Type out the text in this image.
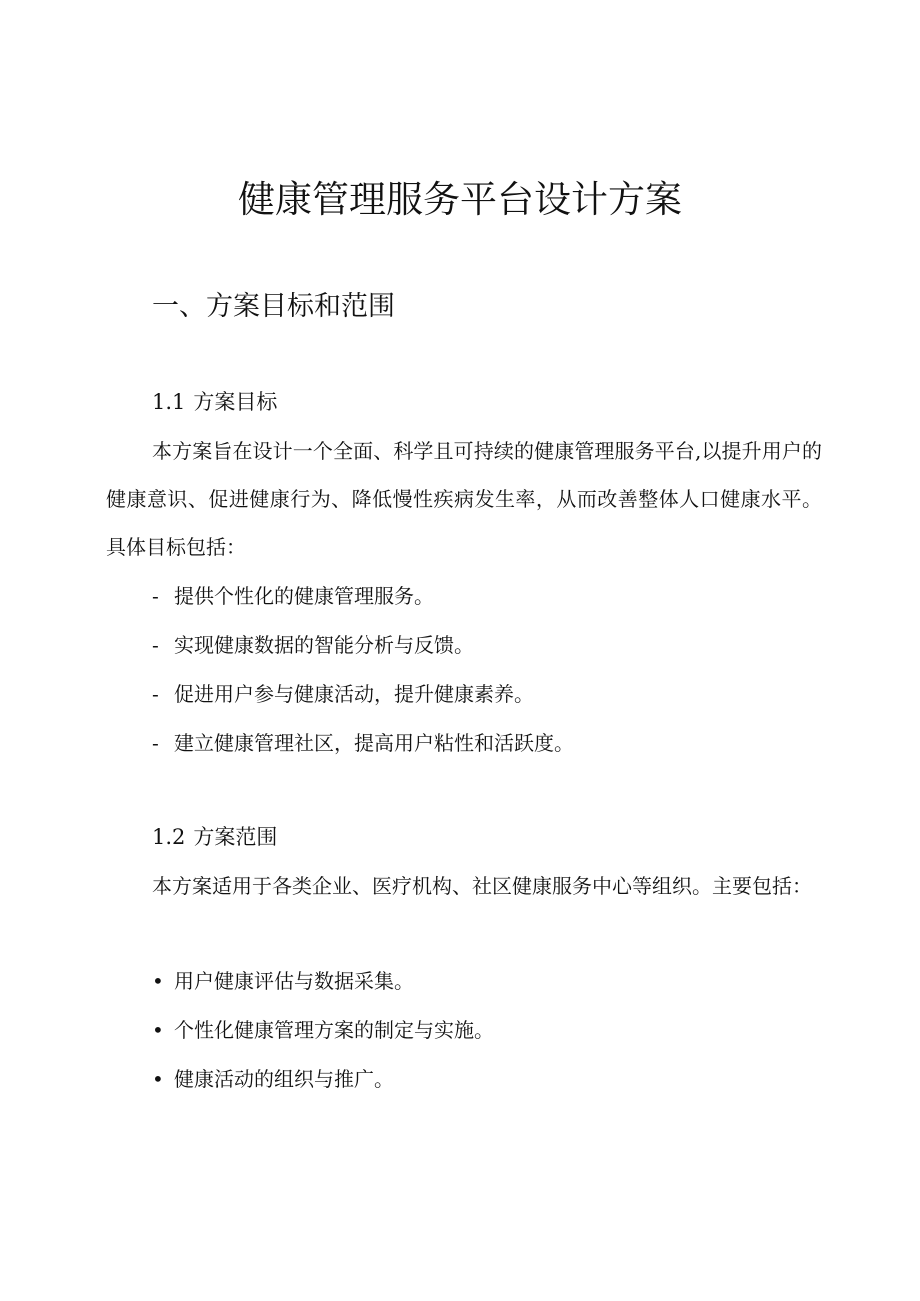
健康管理服务平台设计方案
一、方案目标和范围
1.1 方案目标

本方案旨在设计一个全面、科学且可持续的健康管理服务平台,以提升用户的健康意识、促进健康行为、降低慢性疾病发生率，从而改善整体人口健康水平。具体目标包括：

- 提供个性化的健康管理服务。
- 实现健康数据的智能分析与反馈。
- 促进用户参与健康活动，提升健康素养。
- 建立健康管理社区，提高用户粘性和活跃度。
1.2 方案范围

本方案适用于各类企业、医疗机构、社区健康服务中心等组织。主要包括：

• 用户健康评估与数据采集。
• 个性化健康管理方案的制定与实施。
• 健康活动的组织与推广。
